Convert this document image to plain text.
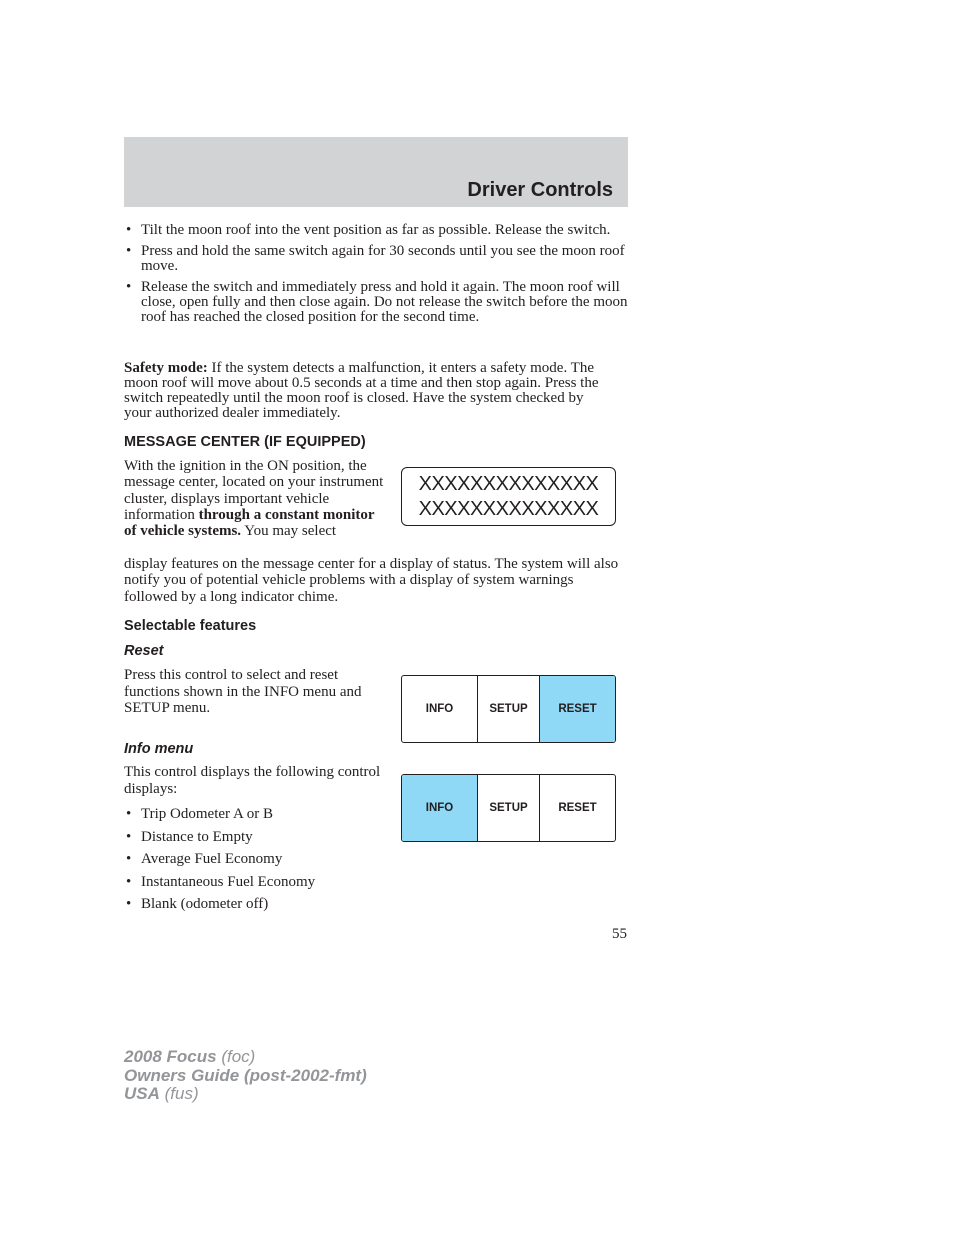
Driver Controls
• Tilt the moon roof into the vent position as far as possible. Release the switch.
• Press and hold the same switch again for 30 seconds until you see the moon roof move.
• Release the switch and immediately press and hold it again. The moon roof will close, open fully and then close again. Do not release the switch before the moon roof has reached the closed position for the second time.

Safety mode: If the system detects a malfunction, it enters a safety mode. The moon roof will move about 0.5 seconds at a time and then stop again. Press the switch repeatedly until the moon roof is closed. Have the system checked by your authorized dealer immediately.

MESSAGE CENTER (IF EQUIPPED)

With the ignition in the ON position, the message center, located on your instrument cluster, displays important vehicle information through a constant monitor of vehicle systems. You may select

display features on the message center for a display of status. The system will also notify you of potential vehicle problems with a display of system warnings followed by a long indicator chime.

XXXXXXXXXXXXXX
XXXXXXXXXXXXXX
Selectable features
Reset

Press this control to select and reset functions shown in the INFO menu and SETUP menu.	INFO	SETUP	RESET
Info menu

This control displays the following control displays:

• Trip Odometer A or B
• Distance to Empty
• Average Fuel Economy
• Instantaneous Fuel Economy
• Blank (odometer off)
INFO	SETUP	RESET
55
2008 Focus (foc)
Owners Guide (post-2002-fmt)
USA (fus)
